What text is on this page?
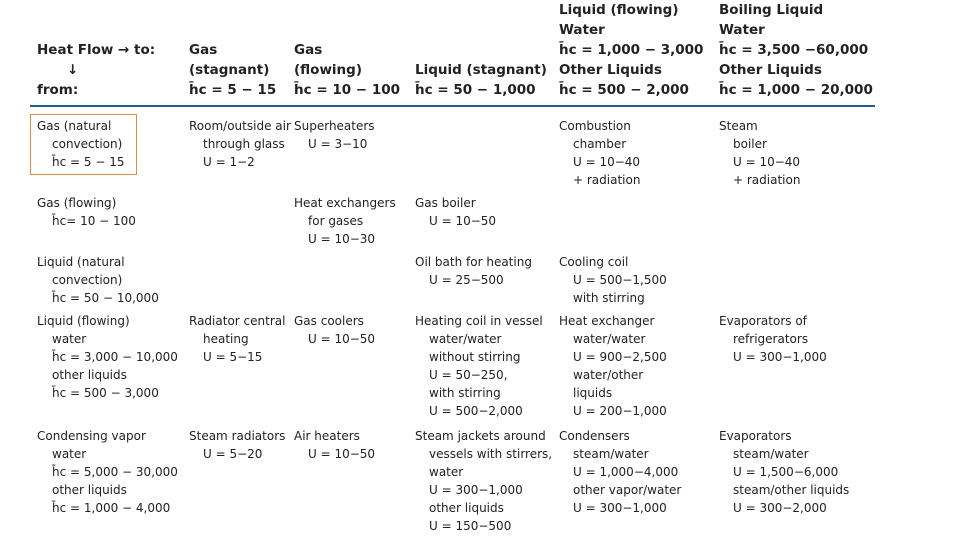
Heat Flow → to:
↓
from:
Gas
(stagnant)
h̄c = 5 − 15
Gas
(flowing)
h̄c = 10 − 100
Liquid (stagnant)
h̄c = 50 − 1,000
Liquid (flowing)
Water
h̄c = 1,000 − 3,000
Other Liquids
h̄c = 500 − 2,000
Boiling Liquid
Water
h̄c = 3,500 −60,000
Other Liquids
h̄c = 1,000 − 20,000
Gas (natural
convection)
h̄c = 5 − 15
Room/outside air
through glass
U = 1−2
Superheaters
U = 3−10
Combustion
chamber
U = 10−40
+ radiation
Steam
boiler
U = 10−40
+ radiation
Gas (flowing)
h̄c= 10 − 100
Heat exchangers
for gases
U = 10−30
Gas boiler
U = 10−50
Liquid (natural
convection)
h̄c = 50 − 10,000
Oil bath for heating
U = 25−500
Cooling coil
U = 500−1,500
with stirring
Liquid (flowing)
water
h̄c = 3,000 − 10,000
other liquids
h̄c = 500 − 3,000
Radiator central
heating
U = 5−15
Gas coolers
U = 10−50
Heating coil in vessel
water/water
without stirring
U = 50−250,
with stirring
U = 500−2,000
Heat exchanger
water/water
U = 900−2,500
water/other
liquids
U = 200−1,000
Evaporators of
refrigerators
U = 300−1,000
Condensing vapor
water
h̄c = 5,000 − 30,000
other liquids
h̄c = 1,000 − 4,000
Steam radiators
U = 5−20
Air heaters
U = 10−50
Steam jackets around
vessels with stirrers,
water
U = 300−1,000
other liquids
U = 150−500
Condensers
steam/water
U = 1,000−4,000
other vapor/water
U = 300−1,000
Evaporators
steam/water
U = 1,500−6,000
steam/other liquids
U = 300−2,000
